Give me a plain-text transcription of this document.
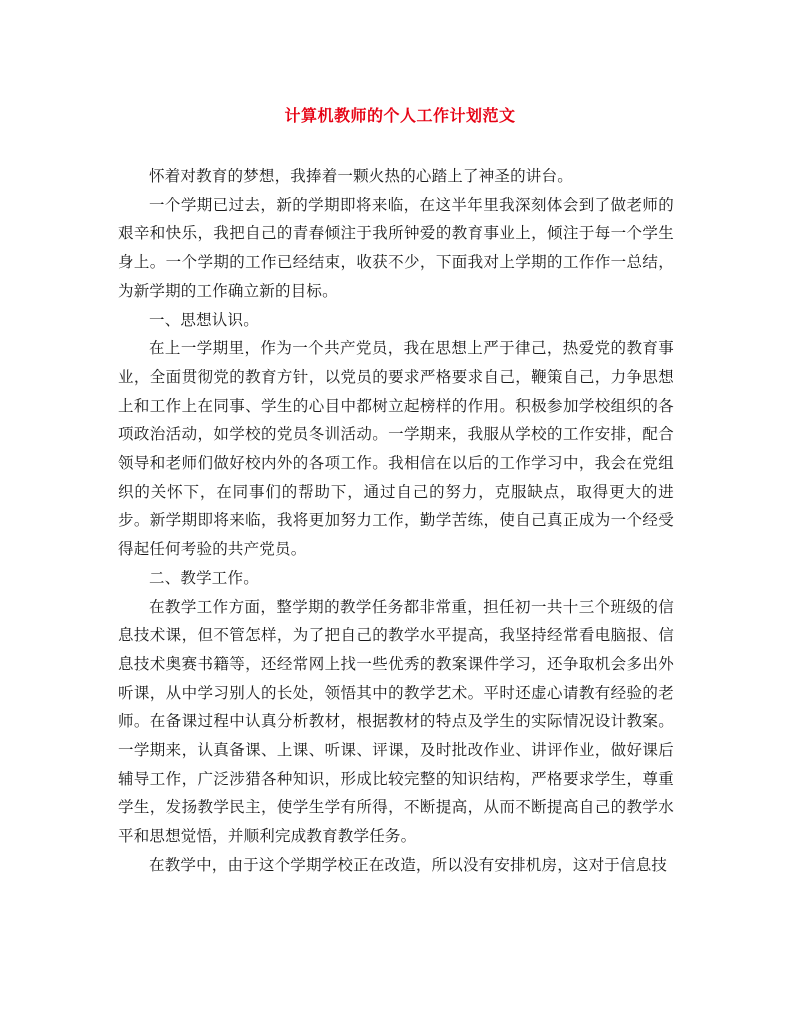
计算机教师的个人工作计划范文

怀着对教育的梦想，我捧着一颗火热的心踏上了神圣的讲台。

一个学期已过去，新的学期即将来临，在这半年里我深刻体会到了做老师的艰辛和快乐，我把自己的青春倾注于我所钟爱的教育事业上，倾注于每一个学生身上。一个学期的工作已经结束，收获不少，下面我对上学期的工作作一总结，为新学期的工作确立新的目标。

一、思想认识。

在上一学期里，作为一个共产党员，我在思想上严于律己，热爱党的教育事业，全面贯彻党的教育方针，以党员的要求严格要求自己，鞭策自己，力争思想上和工作上在同事、学生的心目中都树立起榜样的作用。积极参加学校组织的各项政治活动，如学校的党员冬训活动。一学期来，我服从学校的工作安排，配合领导和老师们做好校内外的各项工作。我相信在以后的工作学习中，我会在党组织的关怀下，在同事们的帮助下，通过自己的努力，克服缺点，取得更大的进步。新学期即将来临，我将更加努力工作，勤学苦练，使自己真正成为一个经受得起任何考验的共产党员。

二、教学工作。

在教学工作方面，整学期的教学任务都非常重，担任初一共十三个班级的信息技术课，但不管怎样，为了把自己的教学水平提高，我坚持经常看电脑报、信息技术奥赛书籍等，还经常网上找一些优秀的教案课件学习，还争取机会多出外听课，从中学习别人的长处，领悟其中的教学艺术。平时还虚心请教有经验的老师。在备课过程中认真分析教材，根据教材的特点及学生的实际情况设计教案。一学期来，认真备课、上课、听课、评课，及时批改作业、讲评作业，做好课后辅导工作，广泛涉猎各种知识，形成比较完整的知识结构，严格要求学生，尊重学生，发扬教学民主，使学生学有所得，不断提高，从而不断提高自己的教学水平和思想觉悟，并顺利完成教育教学任务。

在教学中，由于这个学期学校正在改造，所以没有安排机房，这对于信息技
